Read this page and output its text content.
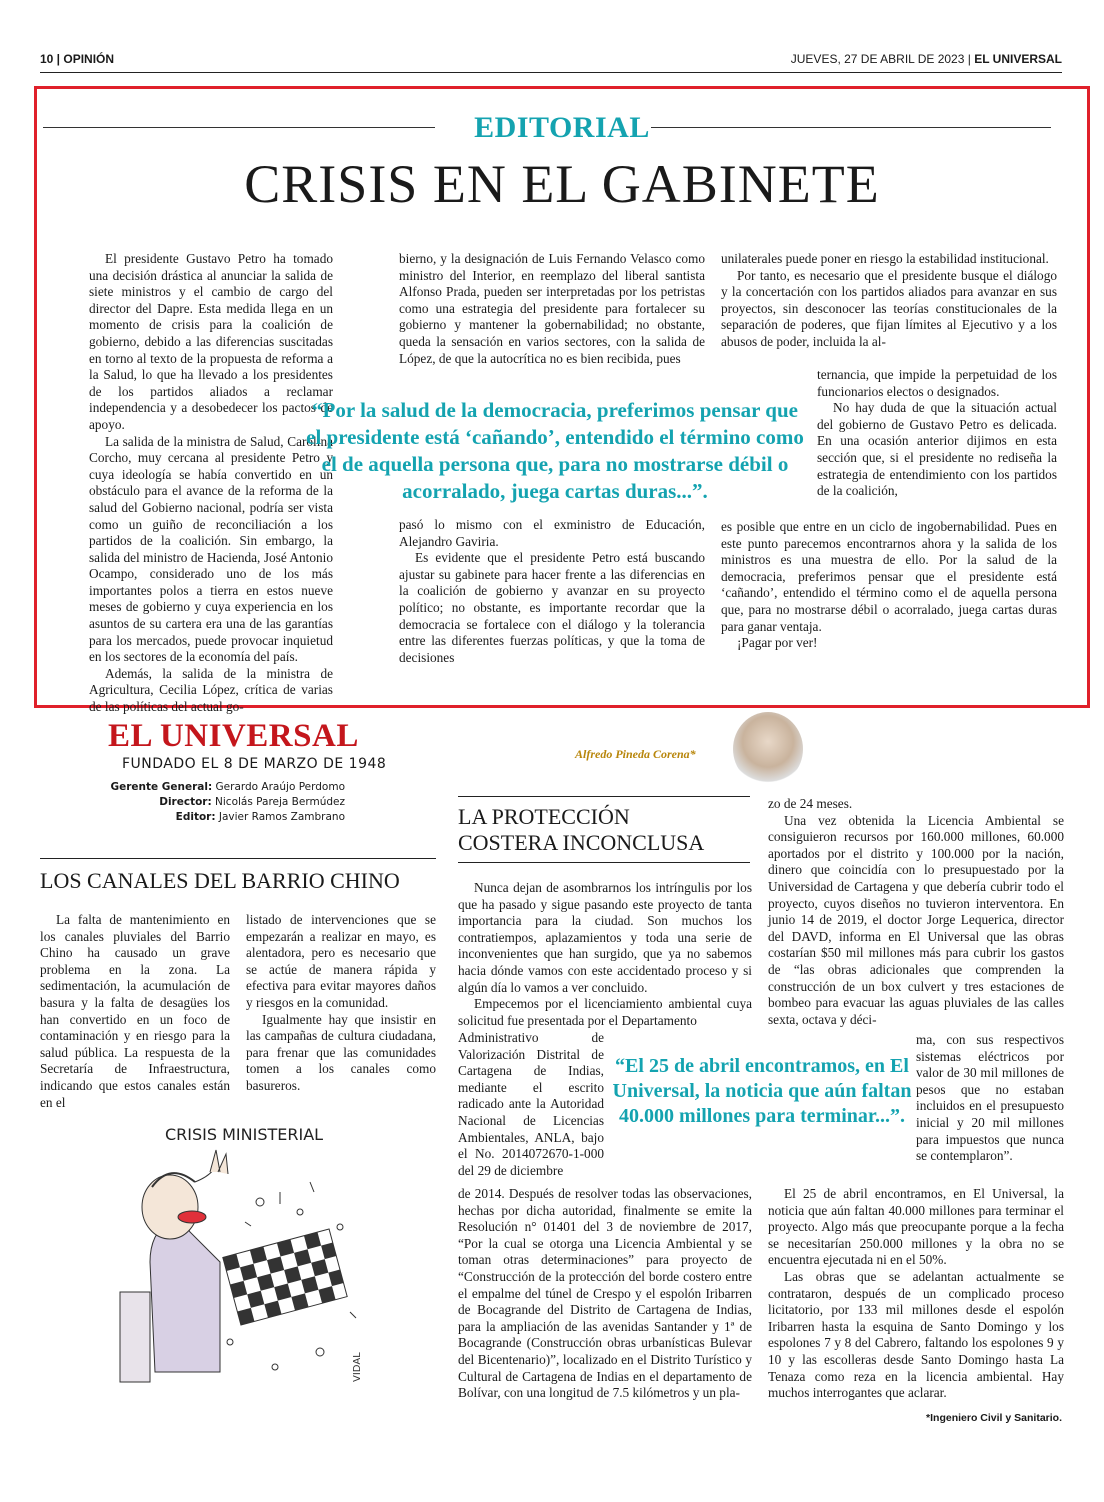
10 | OPINIÓN	JUEVES, 27 DE ABRIL DE 2023 | EL UNIVERSAL
EDITORIAL
CRISIS EN EL GABINETE

El presidente Gustavo Petro ha tomado una decisión drástica al anunciar la salida de siete ministros y el cambio de cargo del director del Dapre. Esta medida llega en un momento de crisis para la coalición de gobierno, debido a las diferencias suscitadas en torno al texto de la propuesta de reforma a la Salud, lo que ha llevado a los presidentes de los partidos aliados a reclamar independencia y a desobedecer los pactos de apoyo.

La salida de la ministra de Salud, Carolina Corcho, muy cercana al presidente Petro y cuya ideología se había convertido en un obstáculo para el avance de la reforma de la salud del Gobierno nacional, podría ser vista como un guiño de reconciliación a los partidos de la coalición. Sin embargo, la salida del ministro de Hacienda, José Antonio Ocampo, considerado uno de los más importantes polos a tierra en estos nueve meses de gobierno y cuya experiencia en los asuntos de su cartera era una de las garantías para los mercados, puede provocar inquietud en los sectores de la economía del país.

Además, la salida de la ministra de Agricultura, Cecilia López, crítica de varias de las políticas del actual go-

bierno, y la designación de Luis Fernando Velasco como ministro del Interior, en reemplazo del liberal santista Alfonso Prada, pueden ser interpretadas por los petristas como una estrategia del presidente para fortalecer su gobierno y mantener la gobernabilidad; no obstante, queda la sensación en varios sectores, con la salida de López, de que la autocrítica no es bien recibida, pues

“Por la salud de la democracia, preferimos pensar que el presidente está ‘cañando’, entendido el término como el de aquella persona que, para no mostrarse débil o acorralado, juega cartas duras...”.

pasó lo mismo con el exministro de Educación, Alejandro Gaviria.

Es evidente que el presidente Petro está buscando ajustar su gabinete para hacer frente a las diferencias en la coalición de gobierno y avanzar en su proyecto político; no obstante, es importante recordar que la democracia se fortalece con el diálogo y la tolerancia entre las diferentes fuerzas políticas, y que la toma de decisiones

unilaterales puede poner en riesgo la estabilidad institucional.

Por tanto, es necesario que el presidente busque el diálogo y la concertación con los partidos aliados para avanzar en sus proyectos, sin desconocer las teorías constitucionales de la separación de poderes, que fijan límites al Ejecutivo y a los abusos de poder, incluida la al-

ternancia, que impide la perpetuidad de los funcionarios electos o designados.

No hay duda de que la situación actual del gobierno de Gustavo Petro es delicada. En una ocasión anterior dijimos en esta sección que, si el presidente no rediseña la estrategia de entendimiento con los partidos de la coalición,

es posible que entre en un ciclo de ingobernabilidad. Pues en este punto parecemos encontrarnos ahora y la salida de los ministros es una muestra de ello. Por la salud de la democracia, preferimos pensar que el presidente está ‘cañando’, entendido el término como el de aquella persona que, para no mostrarse débil o acorralado, juega cartas duras para ganar ventaja.

¡Pagar por ver!

EL UNIVERSAL
FUNDADO EL 8 DE MARZO DE 1948
Gerente General: Gerardo Araújo Perdomo
Director: Nicolás Pareja Bermúdez
Editor: Javier Ramos Zambrano
LOS CANALES DEL BARRIO CHINO

La falta de mantenimiento en los canales pluviales del Barrio Chino ha causado un grave problema en la zona. La sedimentación, la acumulación de basura y la falta de desagües los han convertido en un foco de contaminación y en riesgo para la salud pública. La respuesta de la Secretaría de Infraestructura, indicando que estos canales están en el

listado de intervenciones que se empezarán a realizar en mayo, es alentadora, pero es necesario que se actúe de manera rápida y efectiva para evitar mayores daños y riesgos en la comunidad.

Igualmente hay que insistir en las campañas de cultura ciudadana, para frenar que las comunidades tomen a los canales como basureros.

CRISIS MINISTERIAL
VIDAL
Alfredo Pineda Corena*
LA PROTECCIÓN
COSTERA INCONCLUSA

Nunca dejan de asombrarnos los intríngulis por los que ha pasado y sigue pasando este proyecto de tanta importancia para la ciudad. Son muchos los contratiempos, aplazamientos y toda una serie de inconvenientes que han surgido, que ya no sabemos hacia dónde vamos con este accidentado proceso y si algún día lo vamos a ver concluido.

Empecemos por el licenciamiento ambiental cuya solicitud fue presentada por el Departamento

Administrativo de Valorización Distrital de Cartagena de Indias, mediante el escrito radicado ante la Autoridad Nacional de Licencias Ambientales, ANLA, bajo el No. 2014072670-1-000 del 29 de diciembre

“El 25 de abril encontramos, en El Universal, la noticia que aún faltan 40.000 millones para terminar...”.

de 2014. Después de resolver todas las observaciones, hechas por dicha autoridad, finalmente se emite la Resolución n° 01401 del 3 de noviembre de 2017, “Por la cual se otorga una Licencia Ambiental y se toman otras determinaciones” para proyecto de “Construcción de la protección del borde costero entre el empalme del túnel de Crespo y el espolón Iribarren de Bocagrande del Distrito de Cartagena de Indias, para la ampliación de las avenidas Santander y 1ª de Bocagrande (Construcción obras urbanísticas Bulevar del Bicentenario)”, localizado en el Distrito Turístico y Cultural de Cartagena de Indias en el departamento de Bolívar, con una longitud de 7.5 kilómetros y un pla-

zo de 24 meses.

Una vez obtenida la Licencia Ambiental se consiguieron recursos por 160.000 millones, 60.000 aportados por el distrito y 100.000 por la nación, dinero que coincidía con lo presupuestado por la Universidad de Cartagena y que debería cubrir todo el proyecto, cuyos diseños no tuvieron interventora. En junio 14 de 2019, el doctor Jorge Lequerica, director del DAVD, informa en El Universal que las obras costarían $50 mil millones más para cubrir los gastos de “las obras adicionales que comprenden la construcción de un box culvert y tres estaciones de bombeo para evacuar las aguas pluviales de las calles sexta, octava y déci-

ma, con sus respectivos sistemas eléctricos por valor de 30 mil millones de pesos que no estaban incluidos en el presupuesto inicial y 20 mil millones para impuestos que nunca se contemplaron”.

El 25 de abril encontramos, en El Universal, la noticia que aún faltan 40.000 millones para terminar el proyecto. Algo más que preocupante porque a la fecha se necesitarían 250.000 millones y la obra no se encuentra ejecutada ni en el 50%.

Las obras que se adelantan actualmente se contrataron, después de un complicado proceso licitatorio, por 133 mil millones desde el espolón Iribarren hasta la esquina de Santo Domingo y los espolones 7 y 8 del Cabrero, faltando los espolones 9 y 10 y las escolleras desde Santo Domingo hasta La Tenaza como reza en la licencia ambiental. Hay muchos interrogantes que aclarar.

*Ingeniero Civil y Sanitario.
